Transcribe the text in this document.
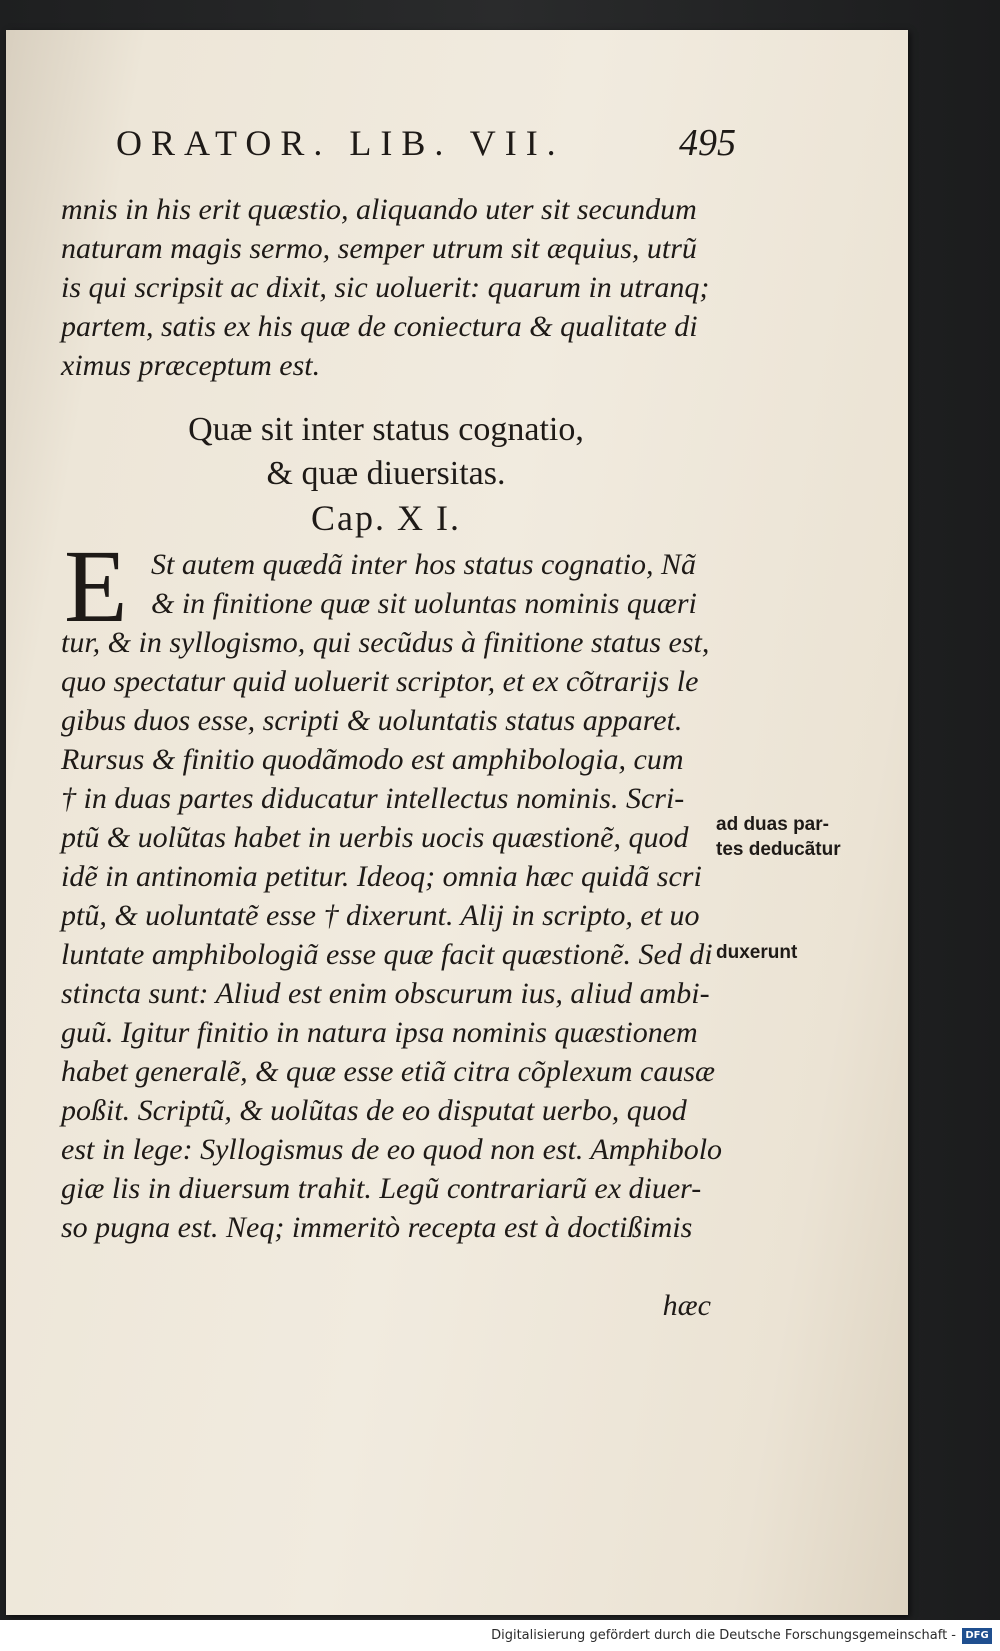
ORATOR. LIB. VII.	495
mnis in his erit quæstio, aliquando uter sit secundum
naturam magis sermo, semper utrum sit æquius, utrũ
is qui scripsit ac dixit, sic uoluerit: quarum in utranq;
partem, satis ex his quæ de coniectura & qualitate di
ximus præceptum est.
Quæ sit inter status cognatio,
& quæ diuersitas.
Cap. X I.
E St autem quædã inter hos status cognatio, Nã
& in finitione quæ sit uoluntas nominis quæri
tur, & in syllogismo, qui secũdus à finitione status est,
quo spectatur quid uoluerit scriptor, et ex cõtrarijs le
gibus duos esse, scripti & uoluntatis status apparet.
Rursus & finitio quodãmodo est amphibologia, cum
† in duas partes diducatur intellectus nominis. Scri-
ptũ & uolũtas habet in uerbis uocis quæstionẽ, quod
idẽ in antinomia petitur. Ideoq; omnia hæc quidã scri
ptũ, & uoluntatẽ esse † dixerunt. Alij in scripto, et uo
luntate amphibologiã esse quæ facit quæstionẽ. Sed di
stincta sunt: Aliud est enim obscurum ius, aliud ambi-
guũ. Igitur finitio in natura ipsa nominis quæstionem
habet generalẽ, & quæ esse etiã citra cõplexum causæ
poßit. Scriptũ, & uolũtas de eo disputat uerbo, quod
est in lege: Syllogismus de eo quod non est. Amphibolo
giæ lis in diuersum trahit. Legũ contrariarũ ex diuer-
so pugna est. Neq; immeritò recepta est à doctißimis
hæc
ad duas par-
tes deducãtur
duxerunt
Digitalisierung gefördert durch die Deutsche Forschungsgemeinschaft - DFG
